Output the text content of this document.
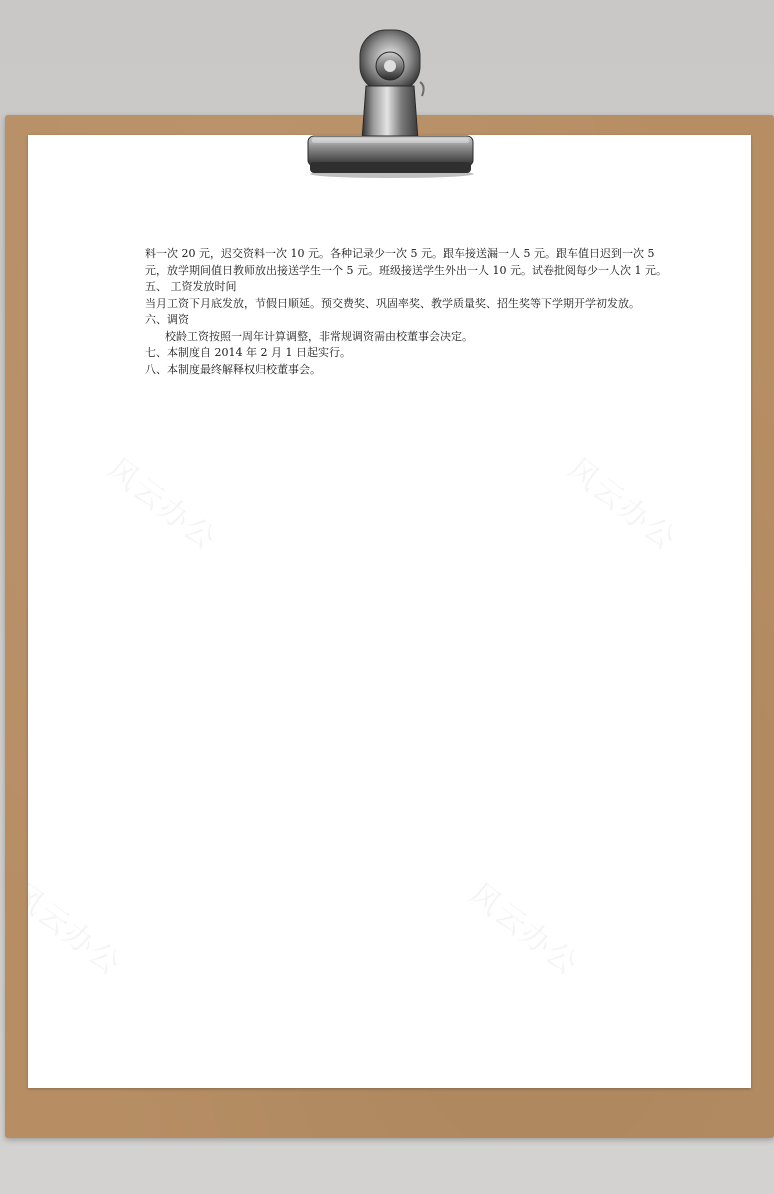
风云办公	风云办公
风云办公	风云办公

料一次 20 元，迟交资料一次 10 元。各种记录少一次 5 元。跟车接送漏一人 5 元。跟车值日迟到一次 5

元，放学期间值日教师放出接送学生一个 5 元。班级接送学生外出一人 10 元。试卷批阅每少一人次 1 元。

五、 工资发放时间

当月工资下月底发放，节假日顺延。预交费奖、巩固率奖、教学质量奖、招生奖等下学期开学初发放。

六、调资

校龄工资按照一周年计算调整，非常规调资需由校董事会决定。

七、本制度自 2014 年 2 月 1 日起实行。

八、本制度最终解释权归校董事会。
